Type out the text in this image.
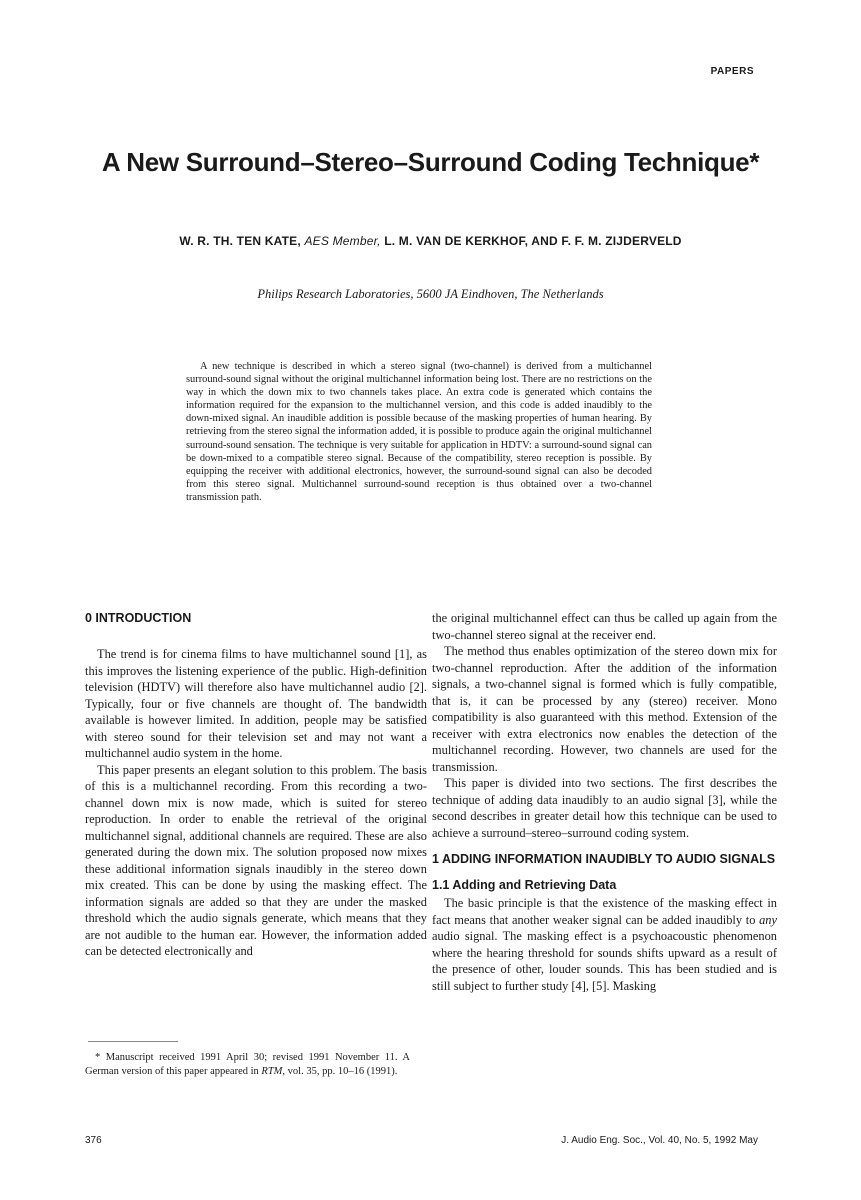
PAPERS
A New Surround–Stereo–Surround Coding Technique*
W. R. TH. TEN KATE, AES Member, L. M. VAN DE KERKHOF, AND F. F. M. ZIJDERVELD
Philips Research Laboratories, 5600 JA Eindhoven, The Netherlands

A new technique is described in which a stereo signal (two-channel) is derived from a multichannel surround-sound signal without the original multichannel information being lost. There are no restrictions on the way in which the down mix to two channels takes place. An extra code is generated which contains the information required for the expansion to the multichannel version, and this code is added inaudibly to the down-mixed signal. An inaudible addition is possible because of the masking properties of human hearing. By retrieving from the stereo signal the information added, it is possible to produce again the original multichannel surround-sound sensation. The technique is very suitable for application in HDTV: a surround-sound signal can be down-mixed to a compatible stereo signal. Because of the compatibility, stereo reception is possible. By equipping the receiver with additional electronics, however, the surround-sound signal can also be decoded from this stereo signal. Multichannel surround-sound reception is thus obtained over a two-channel transmission path.

0 INTRODUCTION

The trend is for cinema films to have multichannel sound [1], as this improves the listening experience of the public. High-definition television (HDTV) will therefore also have multichannel audio [2]. Typically, four or five channels are thought of. The bandwidth available is however limited. In addition, people may be satisfied with stereo sound for their television set and may not want a multichannel audio system in the home.

This paper presents an elegant solution to this problem. The basis of this is a multichannel recording. From this recording a two-channel down mix is now made, which is suited for stereo reproduction. In order to enable the retrieval of the original multichannel signal, additional channels are required. These are also generated during the down mix. The solution proposed now mixes these additional information signals inaudibly in the stereo down mix created. This can be done by using the masking effect. The information signals are added so that they are under the masked threshold which the audio signals generate, which means that they are not audible to the human ear. However, the information added can be detected electronically and

the original multichannel effect can thus be called up again from the two-channel stereo signal at the receiver end.

The method thus enables optimization of the stereo down mix for two-channel reproduction. After the addition of the information signals, a two-channel signal is formed which is fully compatible, that is, it can be processed by any (stereo) receiver. Mono compatibility is also guaranteed with this method. Extension of the receiver with extra electronics now enables the detection of the multichannel recording. However, two channels are used for the transmission.

This paper is divided into two sections. The first describes the technique of adding data inaudibly to an audio signal [3], while the second describes in greater detail how this technique can be used to achieve a surround–stereo–surround coding system.

1 ADDING INFORMATION INAUDIBLY TO AUDIO SIGNALS
1.1 Adding and Retrieving Data

The basic principle is that the existence of the masking effect in fact means that another weaker signal can be added inaudibly to any audio signal. The masking effect is a psychoacoustic phenomenon where the hearing threshold for sounds shifts upward as a result of the presence of other, louder sounds. This has been studied and is still subject to further study [4], [5]. Masking

* Manuscript received 1991 April 30; revised 1991 November 11. A German version of this paper appeared in RTM, vol. 35, pp. 10–16 (1991).

376	J. Audio Eng. Soc., Vol. 40, No. 5, 1992 May
